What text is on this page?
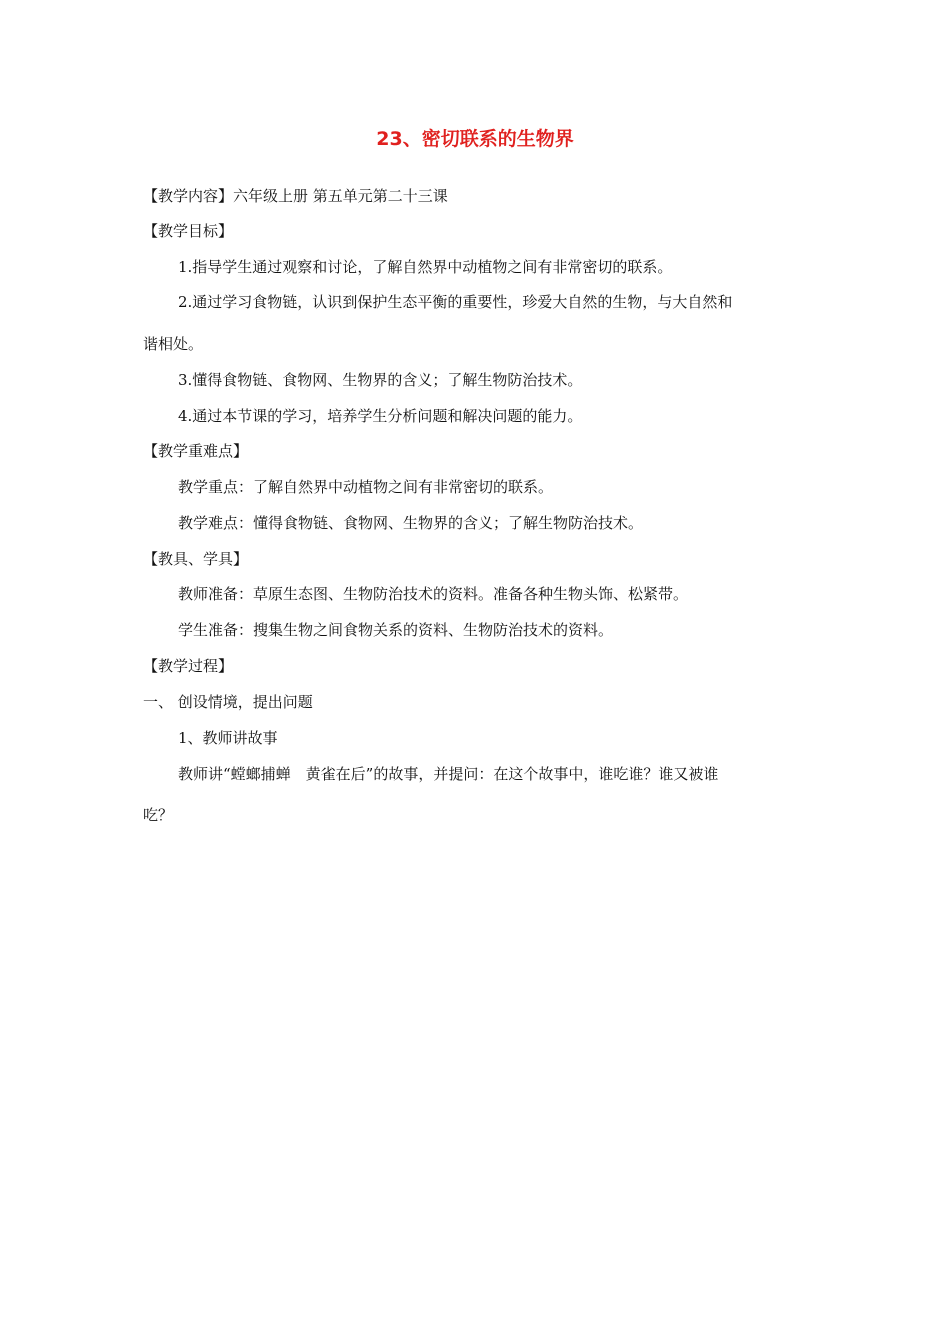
23、密切联系的生物界
【教学内容】六年级上册 第五单元第二十三课
【教学目标】
1.指导学生通过观察和讨论，了解自然界中动植物之间有非常密切的联系。
2.通过学习食物链，认识到保护生态平衡的重要性，珍爱大自然的生物，与大自然和
谐相处。
3.懂得食物链、食物网、生物界的含义；了解生物防治技术。
4.通过本节课的学习，培养学生分析问题和解决问题的能力。
【教学重难点】
教学重点：了解自然界中动植物之间有非常密切的联系。
教学难点：懂得食物链、食物网、生物界的含义；了解生物防治技术。
【教具、学具】
教师准备：草原生态图、生物防治技术的资料。准备各种生物头饰、松紧带。
学生准备：搜集生物之间食物关系的资料、生物防治技术的资料。
【教学过程】
一、 创设情境，提出问题
1、教师讲故事
教师讲“螳螂捕蝉　黄雀在后”的故事，并提问：在这个故事中，谁吃谁？谁又被谁
吃？
